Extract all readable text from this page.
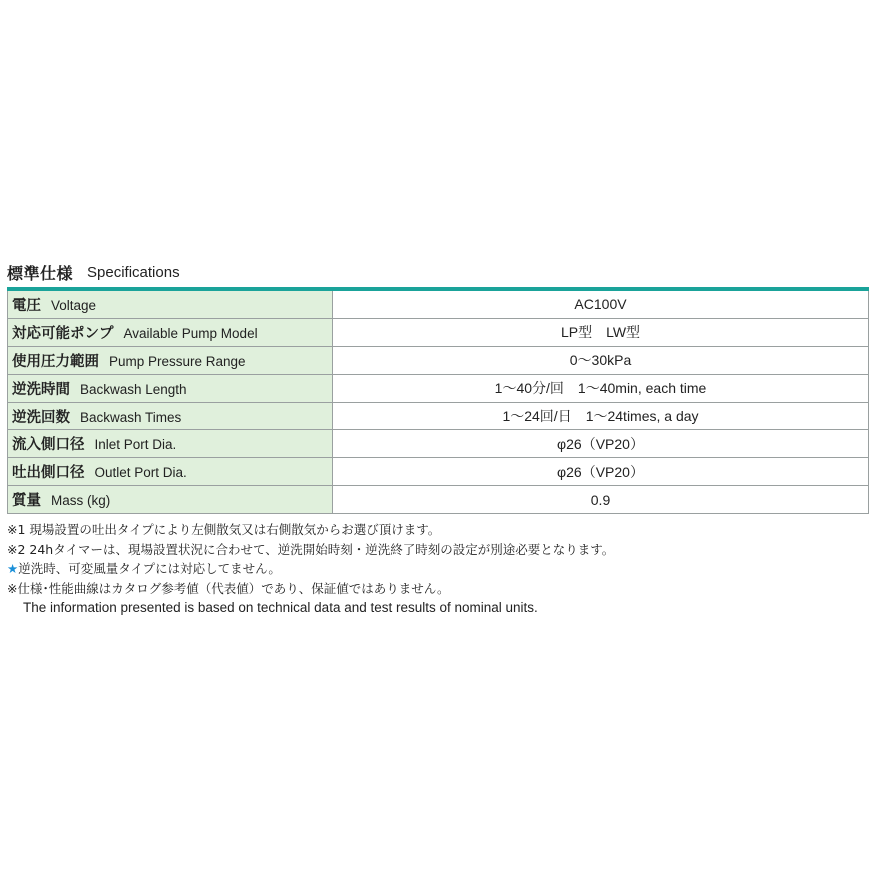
標準仕様 Specifications
電圧 Voltage	AC100V
対応可能ポンプ Available Pump Model	LP型　LW型
使用圧力範囲 Pump Pressure Range	0～30kPa
逆洗時間 Backwash Length	1～40分/回　1～40min, each time
逆洗回数 Backwash Times	1～24回/日　1～24times, a day
流入側口径 Inlet Port Dia.	φ26（VP20）
吐出側口径 Outlet Port Dia.	φ26（VP20）
質量 Mass (kg)	0.9
※1 現場設置の吐出タイプにより左側散気又は右側散気からお選び頂けます。
※2 24hタイマーは、現場設置状況に合わせて、逆洗開始時刻・逆洗終了時刻の設定が別途必要となります。
★逆洗時、可変風量タイプには対応してません。
※仕様･性能曲線はカタログ参考値（代表値）であり、保証値ではありません。
The information presented is based on technical data and test results of nominal units.
